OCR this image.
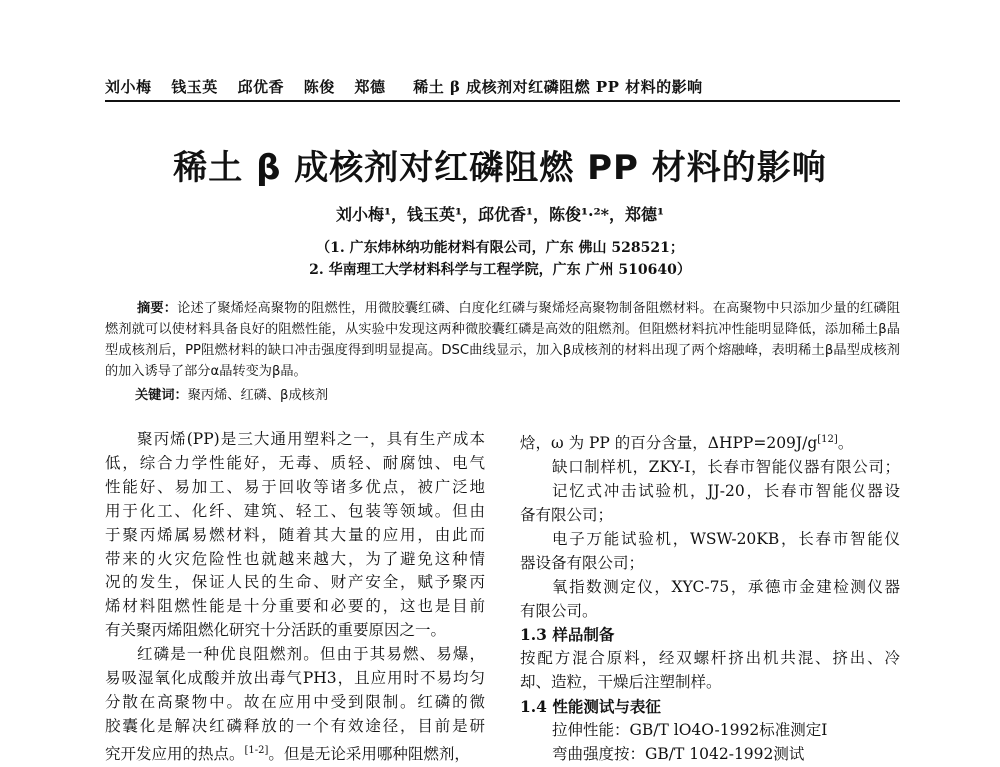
刘小梅 钱玉英 邱优香 陈俊 郑德 稀土 β 成核剂对红磷阻燃 PP 材料的影响
稀土 β 成核剂对红磷阻燃 PP 材料的影响
刘小梅¹，钱玉英¹，邱优香¹，陈俊¹·²*，郑德¹
（1. 广东炜林纳功能材料有限公司，广东 佛山 528521；
2. 华南理工大学材料科学与工程学院，广东 广州 510640）
摘要：论述了聚烯烃高聚物的阻燃性，用微胶囊红磷、白度化红磷与聚烯烃高聚物制备阻燃材料。在高聚物中只添加少量的红磷阻燃剂就可以使材料具备良好的阻燃性能，从实验中发现这两种微胶囊红磷是高效的阻燃剂。但阻燃材料抗冲性能明显降低，添加稀土β晶型成核剂后，PP阻燃材料的缺口冲击强度得到明显提高。DSC曲线显示，加入β成核剂的材料出现了两个熔融峰，表明稀土β晶型成核剂的加入诱导了部分α晶转变为β晶。
关键词：聚丙烯、红磷、β成核剂
聚丙烯(PP)是三大通用塑料之一，具有生产成本
低，综合力学性能好，无毒、质轻、耐腐蚀、电气
性能好、易加工、易于回收等诸多优点，被广泛地
用于化工、化纤、建筑、轻工、包装等领域。但由
于聚丙烯属易燃材料，随着其大量的应用，由此而
带来的火灾危险性也就越来越大，为了避免这种情
况的发生，保证人民的生命、财产安全，赋予聚丙
烯材料阻燃性能是十分重要和必要的，这也是目前
有关聚丙烯阻燃化研究十分活跃的重要原因之一。
红磷是一种优良阻燃剂。但由于其易燃、易爆，
易吸湿氧化成酸并放出毒气PH3，且应用时不易均匀
分散在高聚物中。故在应用中受到限制。红磷的微
胶囊化是解决红磷释放的一个有效途径，目前是研
究开发应用的热点。[1-2]。但是无论采用哪种阻燃剂，
焓，ω 为 PP 的百分含量，ΔHPP=209J/g[12]。
缺口制样机，ZKY-I，长春市智能仪器有限公司；
记忆式冲击试验机，JJ-20，长春市智能仪器设
备有限公司；
电子万能试验机，WSW-20KB，长春市智能仪
器设备有限公司；
氧指数测定仪，XYC-75，承德市金建检测仪器
有限公司。
1.3 样品制备
按配方混合原料，经双螺杆挤出机共混、挤出、冷
却、造粒，干燥后注塑制样。
1.4 性能测试与表征
拉伸性能：GB/T lO4O-1992标准测定I
弯曲强度按：GB/T 1042-1992测试
